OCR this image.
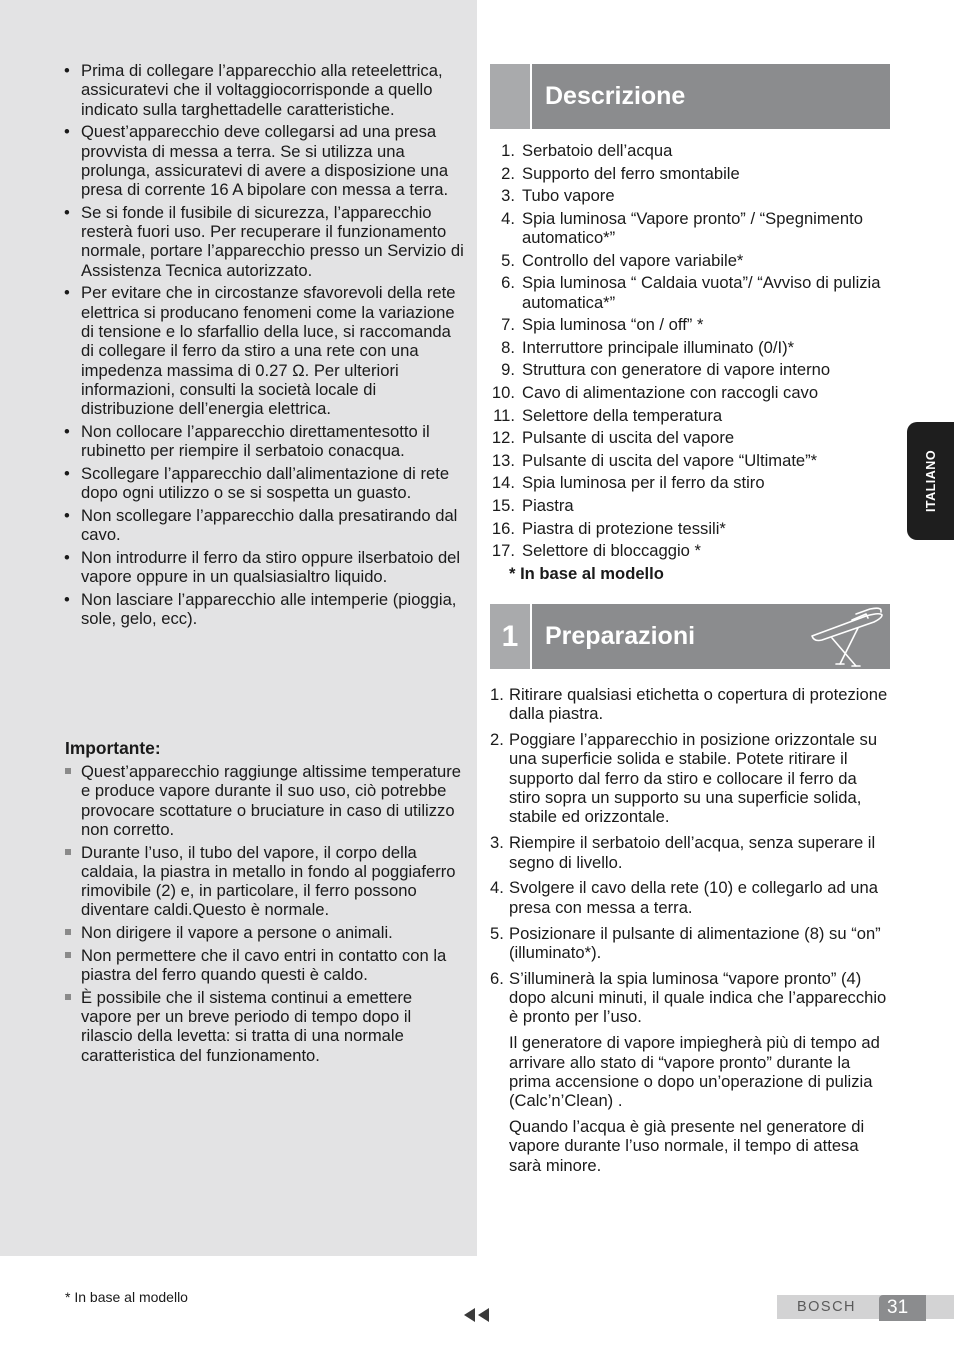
• Prima di collegare l’apparecchio alla reteelettrica, assicuratevi che il voltaggiocorrisponde a quello indicato sulla targhettadelle caratteristiche.
• Quest’apparecchio deve collegarsi ad una presa provvista di messa a terra. Se si utilizza una prolunga, assicuratevi di avere a disposizione una presa di corrente 16 A bipolare con messa a terra.
• Se si fonde il fusibile di sicurezza, l’apparecchio resterà fuori uso. Per recuperare il funzionamento normale, portare l’apparecchio presso un Servizio di Assistenza Tecnica autorizzato.
• Per evitare che in circostanze sfavorevoli della rete elettrica si producano fenomeni come la variazione di tensione e lo sfarfallio della luce, si raccomanda di collegare il ferro da stiro a una rete con una impedenza massima di 0.27 Ω. Per ulteriori informazioni, consulti la società locale di distribuzione dell’energia elettrica.
• Non collocare l’apparecchio direttamentesotto il rubinetto per riempire il serbatoio conacqua.
• Scollegare l’apparecchio dall’alimentazione di rete dopo ogni utilizzo o se si sospetta un guasto.
• Non scollegare l’apparecchio dalla presatirando dal cavo.
• Non introdurre il ferro da stiro oppure ilserbatoio del vapore oppure in un qualsiasialtro liquido.
• Non lasciare l’apparecchio alle intemperie (pioggia, sole, gelo, ecc).
Importante:
Quest’apparecchio raggiunge altissime temperature e produce vapore durante il suo uso, ciò potrebbe provocare scottature o bruciature in caso di utilizzo non corretto.
Durante l’uso, il tubo del vapore, il corpo della caldaia, la piastra in metallo in fondo al poggiaferro rimovibile (2) e, in particolare, il ferro possono diventare caldi.Questo è normale.
Non dirigere il vapore a persone o animali.
Non permettere che il cavo entri in contatto con la piastra del ferro quando questi è caldo.
È possibile che il sistema continui a emettere vapore per un breve periodo di tempo dopo il rilascio della levetta: si tratta di una normale caratteristica del funzionamento.
Descrizione
1. Serbatoio dell’acqua
2. Supporto del ferro smontabile
3. Tubo vapore
4. Spia luminosa “Vapore pronto” / “Spegnimento automatico*”
5. Controllo del vapore variabile*
6. Spia luminosa “ Caldaia vuota”/ “Avviso di pulizia automatica*”
7. Spia luminosa “on / off” *
8. Interruttore principale illuminato (0/I)*
9. Struttura con generatore di vapore interno
10. Cavo di alimentazione con raccogli cavo
11. Selettore della temperatura
12. Pulsante di uscita del vapore
13. Pulsante di uscita del vapore “Ultimate”*
14. Spia luminosa per il ferro da stiro
15. Piastra
16. Piastra di protezione tessili*
17. Selettore di bloccaggio *
* In base al modello
1	Preparazioni
1. Ritirare qualsiasi etichetta o copertura di protezione dalla piastra.

2. Poggiare l’apparecchio in posizione orizzontale su una superficie solida e stabile. Potete ritirare il supporto dal ferro da stiro e collocare il ferro da stiro sopra un supporto su una superficie solida, stabile ed orizzontale.

3. Riempire il serbatoio dell’acqua, senza superare il segno di livello.

4. Svolgere il cavo della rete (10) e collegarlo ad una presa con messa a terra.

5. Posizionare il pulsante di alimentazione (8) su “on” (illuminato*).

6. S’illuminerà la spia luminosa “vapore pronto” (4) dopo alcuni minuti, il quale indica che l’apparecchio è pronto per l’uso.

Il generatore di vapore impiegherà più di tempo ad arrivare allo stato di “vapore pronto” durante la prima accensione o dopo un’operazione di pulizia (Calc’n’Clean) .

Quando l’acqua è già presente nel generatore di vapore durante l’uso normale, il tempo di attesa sarà minore.

ITALIANO
* In base al modello
BOSCH	31
